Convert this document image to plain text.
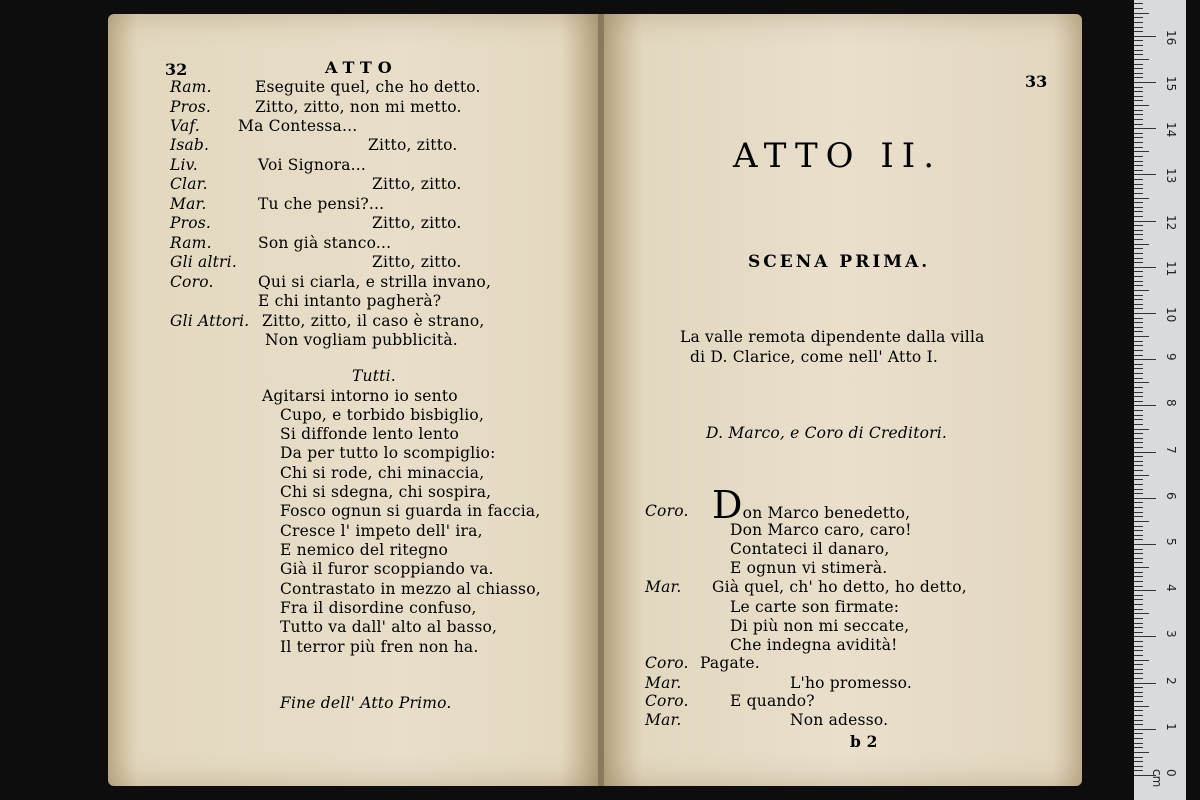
32	ATTO
Ram.	Eseguite quel, che ho detto.
Pros.	Zitto, zitto, non mi metto.
Vaf. Ma Contessa...
Isab.	Zitto, zitto.
Liv.	Voi Signora...
Clar.	Zitto, zitto.
Mar.	Tu che pensi?...
Pros.	Zitto, zitto.
Ram.	Son già stanco...
Gli altri.	Zitto, zitto.
Coro.	Qui si ciarla, e strilla invano,
E chi intanto pagherà?
Gli Attori. Zitto, zitto, il caso è strano,
Non vogliam pubblicità.
Tutti.
Agitarsi intorno io sento
Cupo, e torbido bisbiglio,
Si diffonde lento lento
Da per tutto lo scompiglio:
Chi si rode, chi minaccia,
Chi si sdegna, chi sospira,
Fosco ognun si guarda in faccia,
Cresce l' impeto dell' ira,
E nemico del ritegno
Già il furor scoppiando va.
Contrastato in mezzo al chiasso,
Fra il disordine confuso,
Tutto va dall' alto al basso,
Il terror più fren non ha.
Fine dell' Atto Primo.
33
ATTO II.
SCENA PRIMA.
La valle remota dipendente dalla villa
di D. Clarice, come nell' Atto I.
D. Marco, e Coro di Creditori.
Coro. Don Marco benedetto,
Don Marco caro, caro!
Contateci il danaro,
E ognun vi stimerà.
Mar. Già quel, ch' ho detto, ho detto,
Le carte son firmate:
Di più non mi seccate,
Che indegna avidità!
Coro. Pagate.
Mar.	L'ho promesso.
Coro.	E quando?
Mar.	Non adesso.
b 2
0 cm
1
2
3
4
5
6
7
8
9
10
11
12
13
14
15
16
